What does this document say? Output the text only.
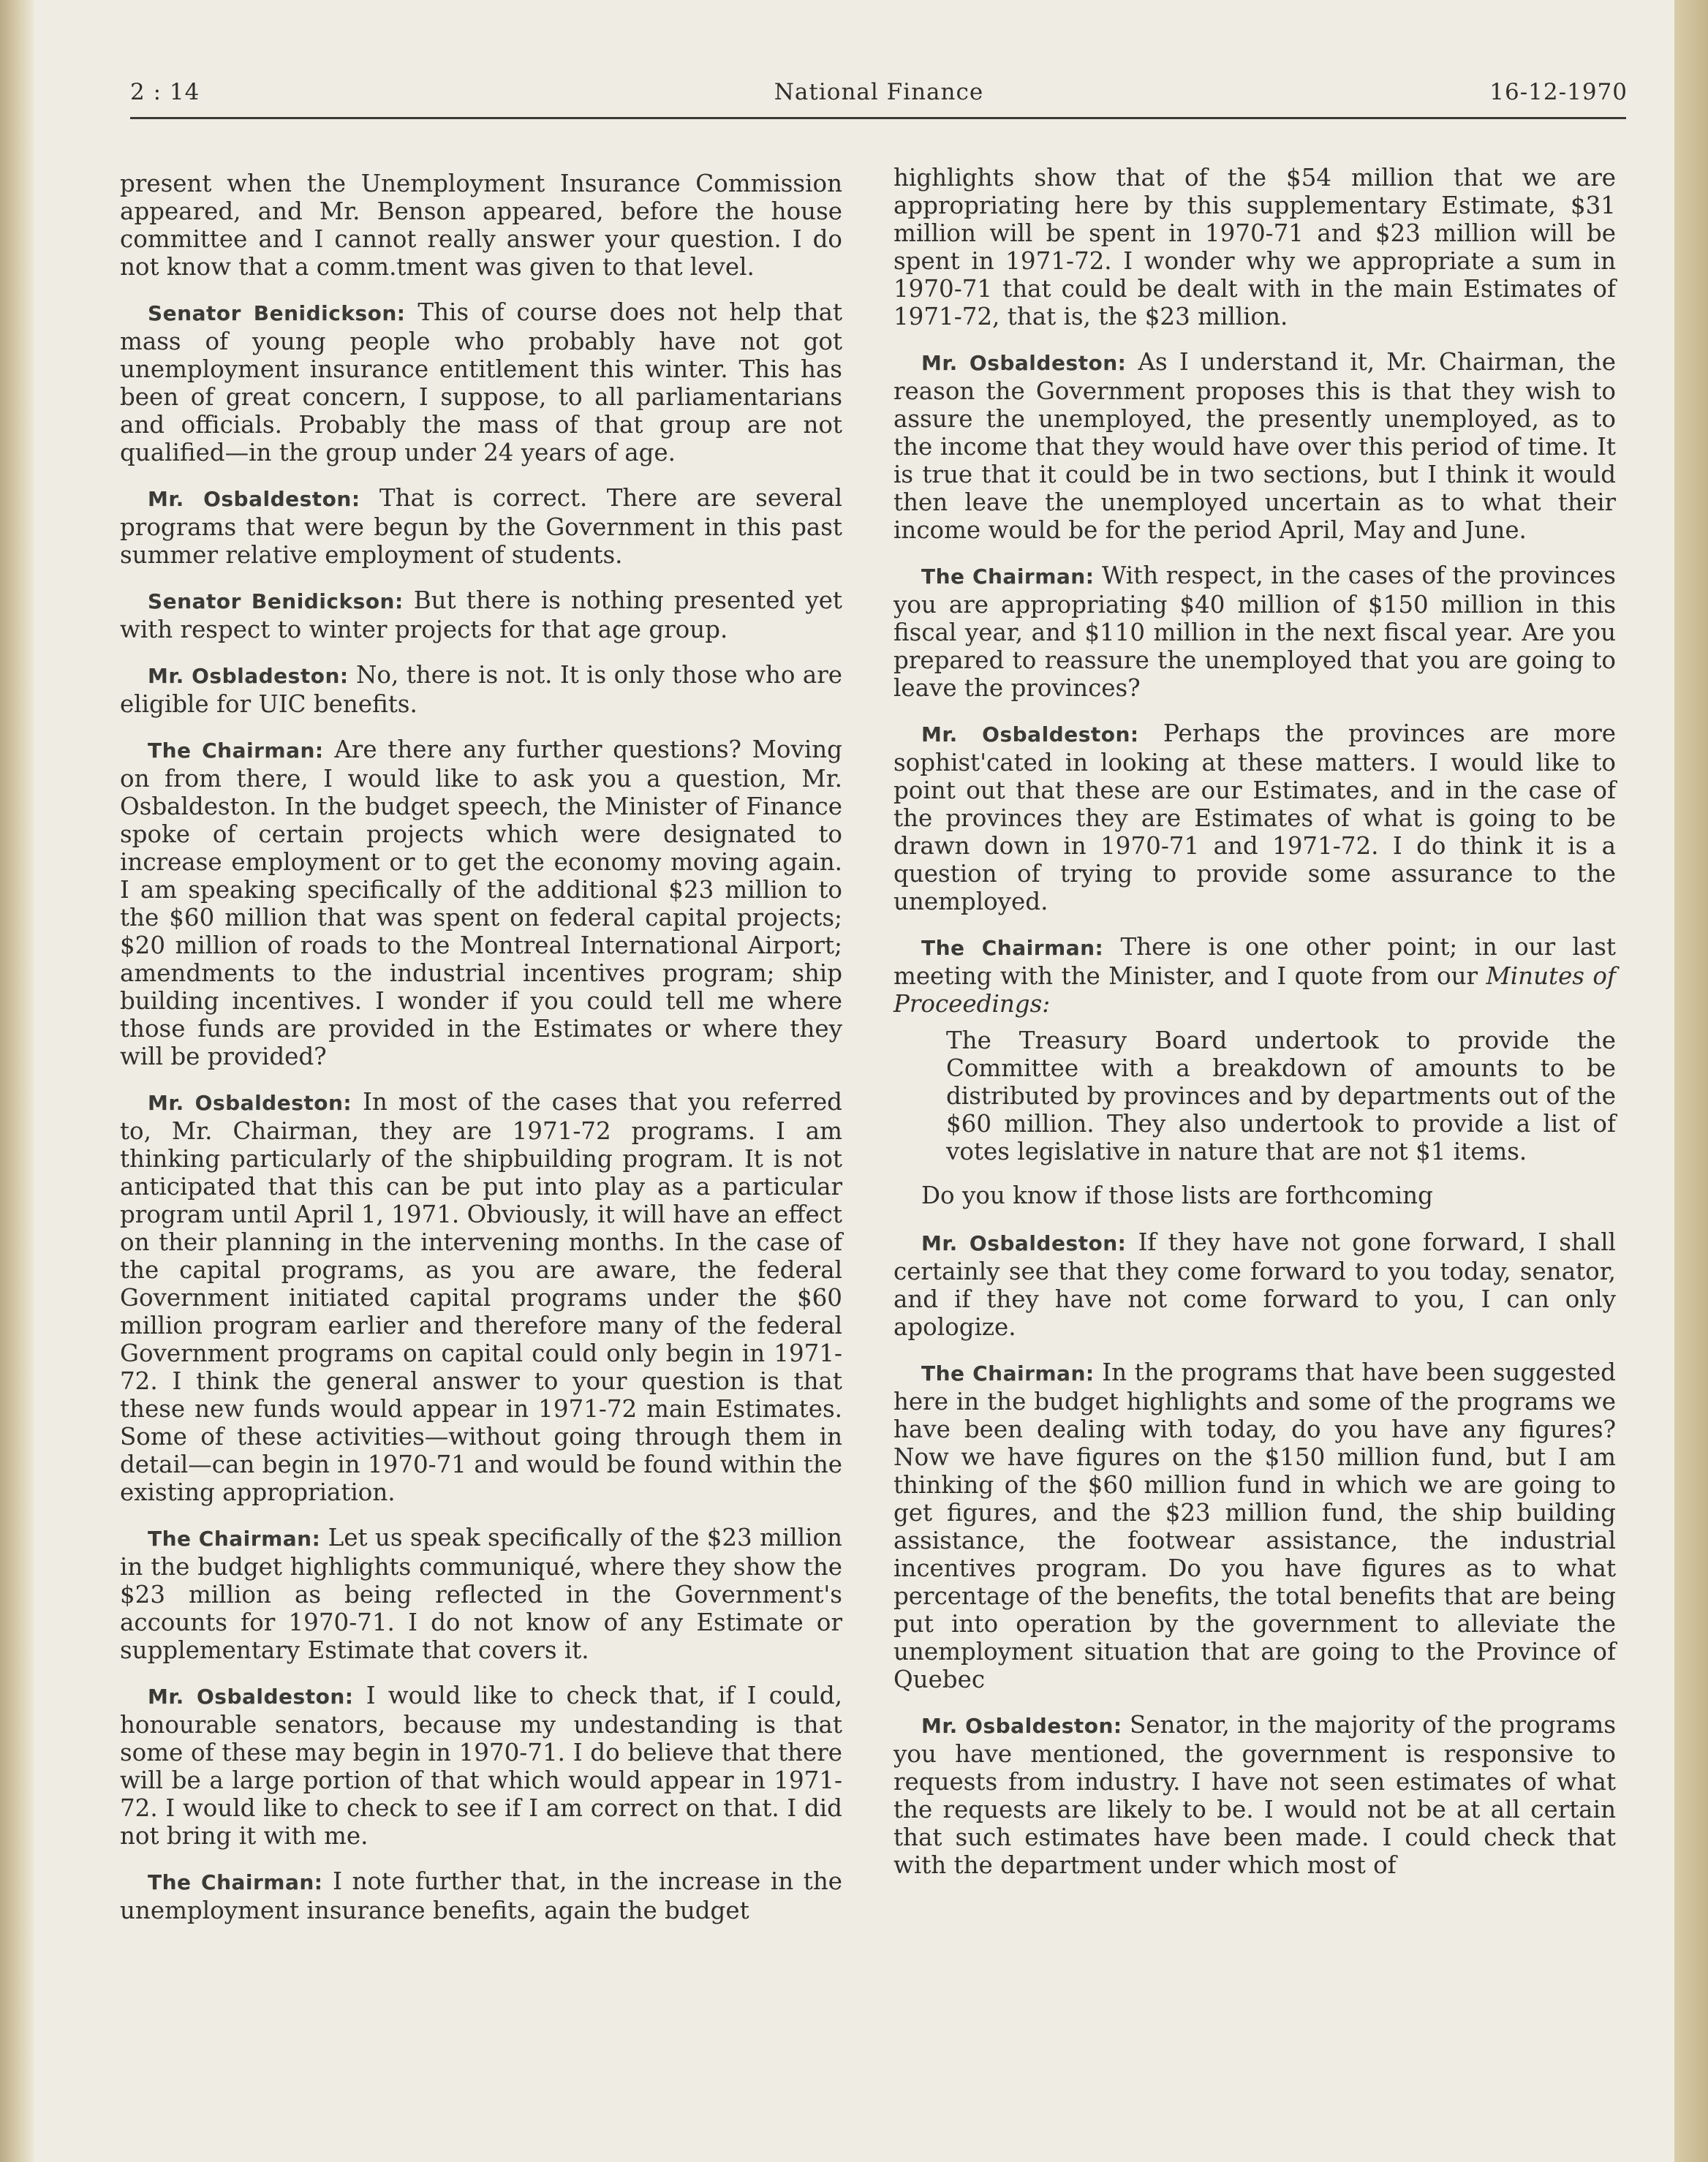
2 : 14	National Finance	16-12-1970

present when the Unemployment Insurance Commission appeared, and Mr. Benson appeared, before the house committee and I cannot really answer your question. I do not know that a comm.tment was given to that level.

Senator Benidickson: This of course does not help that mass of young people who probably have not got unemployment insurance entitlement this winter. This has been of great concern, I suppose, to all parliamentarians and officials. Probably the mass of that group are not qualified—in the group under 24 years of age.

Mr. Osbaldeston: That is correct. There are several programs that were begun by the Government in this past summer relative employment of students.

Senator Benidickson: But there is nothing presented yet with respect to winter projects for that age group.

Mr. Osbladeston: No, there is not. It is only those who are eligible for UIC benefits.

The Chairman: Are there any further questions? Moving on from there, I would like to ask you a question, Mr. Osbaldeston. In the budget speech, the Minister of Finance spoke of certain projects which were designated to increase employment or to get the economy moving again. I am speaking specifically of the additional $23 million to the $60 million that was spent on federal capital projects; $20 million of roads to the Montreal International Airport; amendments to the industrial incentives program; ship building incentives. I wonder if you could tell me where those funds are provided in the Estimates or where they will be provided?

Mr. Osbaldeston: In most of the cases that you referred to, Mr. Chairman, they are 1971-72 programs. I am thinking particularly of the shipbuilding program. It is not anticipated that this can be put into play as a particular program until April 1, 1971. Obviously, it will have an effect on their planning in the intervening months. In the case of the capital programs, as you are aware, the federal Government initiated capital programs under the $60 million program earlier and therefore many of the federal Government programs on capital could only begin in 1971-72. I think the general answer to your question is that these new funds would appear in 1971-72 main Estimates. Some of these activities—without going through them in detail—can begin in 1970-71 and would be found within the existing appropriation.

The Chairman: Let us speak specifically of the $23 million in the budget highlights communiqué, where they show the $23 million as being reflected in the Government's accounts for 1970-71. I do not know of any Estimate or supplementary Estimate that covers it.

Mr. Osbaldeston: I would like to check that, if I could, honourable senators, because my undestanding is that some of these may begin in 1970-71. I do believe that there will be a large portion of that which would appear in 1971-72. I would like to check to see if I am correct on that. I did not bring it with me.

The Chairman: I note further that, in the increase in the unemployment insurance benefits, again the budget

highlights show that of the $54 million that we are appropriating here by this supplementary Estimate, $31 million will be spent in 1970-71 and $23 million will be spent in 1971-72. I wonder why we appropriate a sum in 1970-71 that could be dealt with in the main Estimates of 1971-72, that is, the $23 million.

Mr. Osbaldeston: As I understand it, Mr. Chairman, the reason the Government proposes this is that they wish to assure the unemployed, the presently unemployed, as to the income that they would have over this period of time. It is true that it could be in two sections, but I think it would then leave the unemployed uncertain as to what their income would be for the period April, May and June.

The Chairman: With respect, in the cases of the provinces you are appropriating $40 million of $150 million in this fiscal year, and $110 million in the next fiscal year. Are you prepared to reassure the unemployed that you are going to leave the provinces?

Mr. Osbaldeston: Perhaps the provinces are more sophist'cated in looking at these matters. I would like to point out that these are our Estimates, and in the case of the provinces they are Estimates of what is going to be drawn down in 1970-71 and 1971-72. I do think it is a question of trying to provide some assurance to the unemployed.

The Chairman: There is one other point; in our last meeting with the Minister, and I quote from our Minutes of Proceedings:

The Treasury Board undertook to provide the Committee with a breakdown of amounts to be distributed by provinces and by departments out of the $60 million. They also undertook to provide a list of votes legislative in nature that are not $1 items.

Do you know if those lists are forthcoming

Mr. Osbaldeston: If they have not gone forward, I shall certainly see that they come forward to you today, senator, and if they have not come forward to you, I can only apologize.

The Chairman: In the programs that have been suggested here in the budget highlights and some of the programs we have been dealing with today, do you have any figures? Now we have figures on the $150 million fund, but I am thinking of the $60 million fund in which we are going to get figures, and the $23 million fund, the ship building assistance, the footwear assistance, the industrial incentives program. Do you have figures as to what percentage of the benefits, the total benefits that are being put into operation by the government to alleviate the unemployment situation that are going to the Province of Quebec

Mr. Osbaldeston: Senator, in the majority of the programs you have mentioned, the government is responsive to requests from industry. I have not seen estimates of what the requests are likely to be. I would not be at all certain that such estimates have been made. I could check that with the department under which most of
